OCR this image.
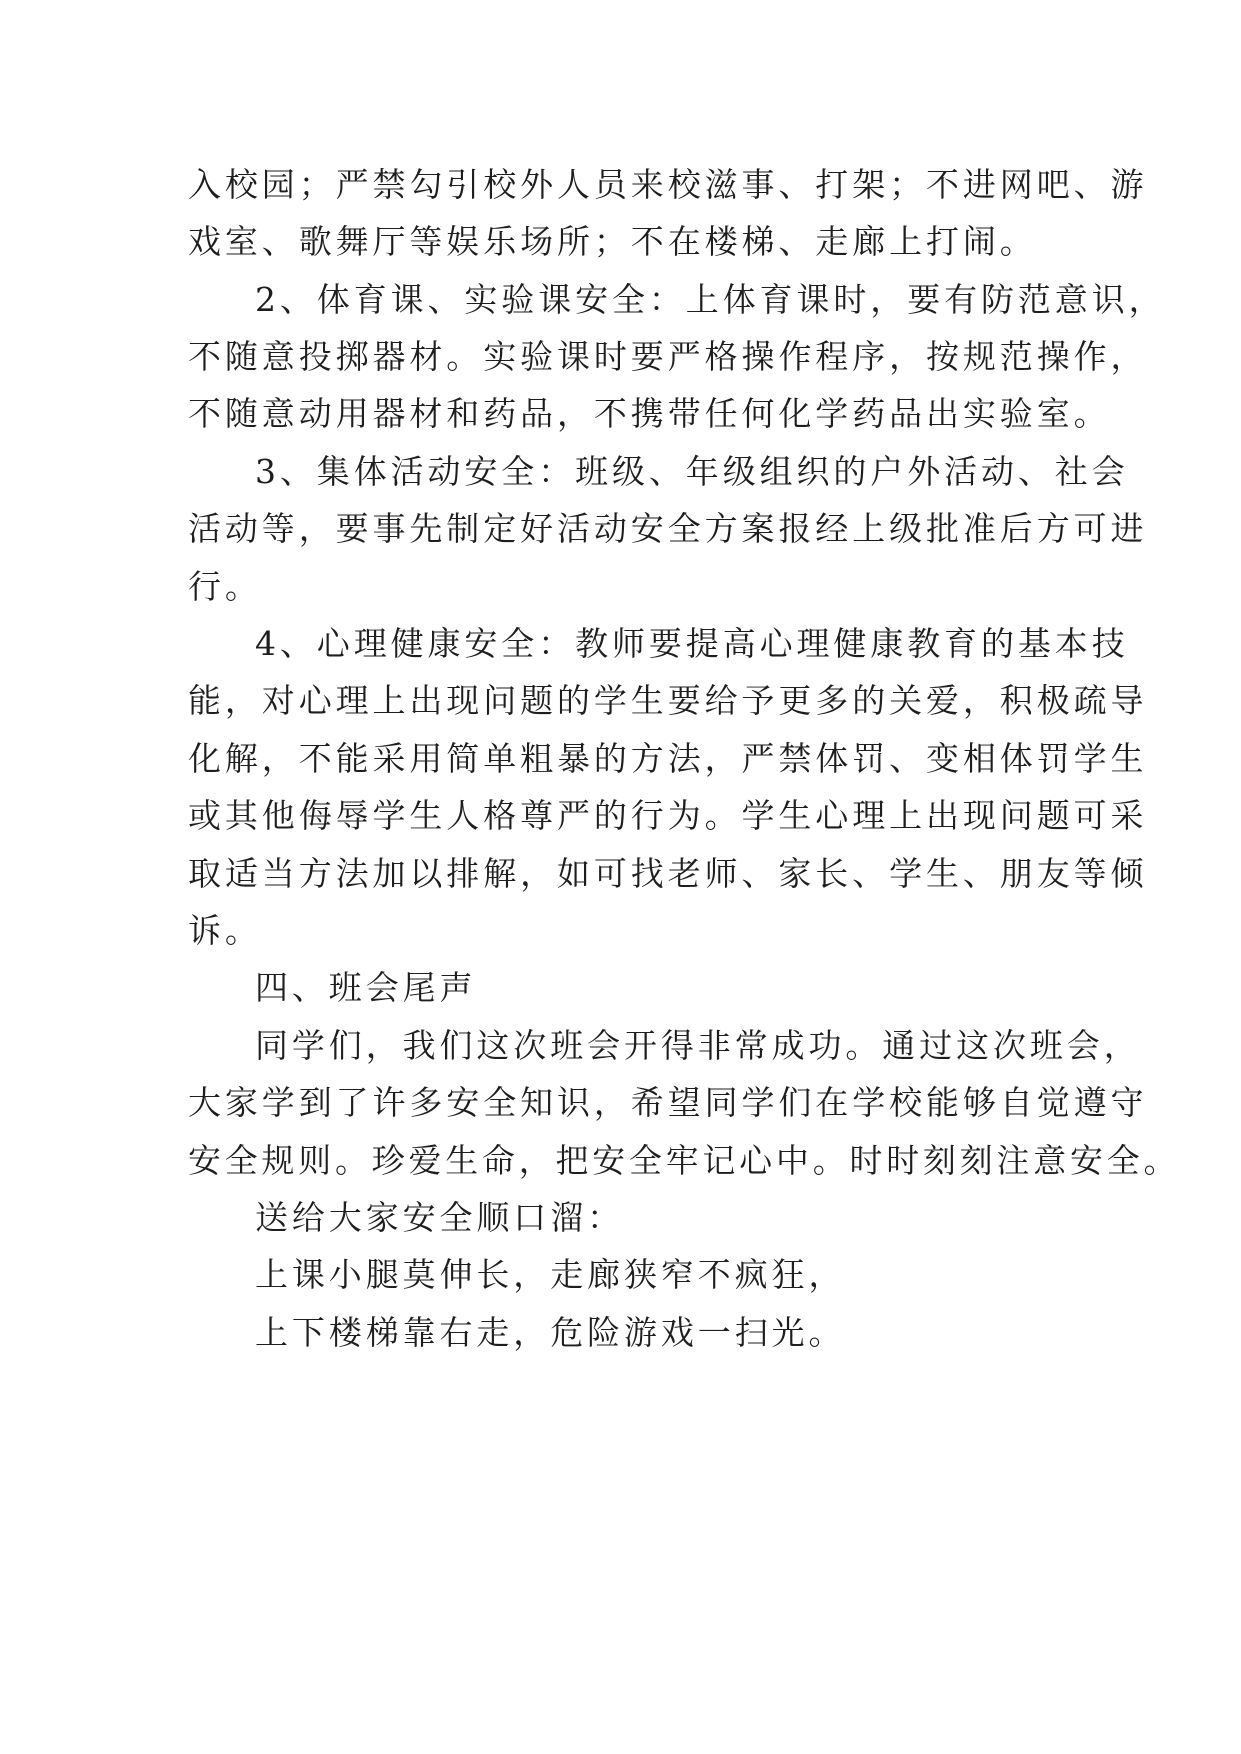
入校园；严禁勾引校外人员来校滋事、打架；不进网吧、游
戏室、歌舞厅等娱乐场所；不在楼梯、走廊上打闹。
2、体育课、实验课安全：上体育课时，要有防范意识，
不随意投掷器材。实验课时要严格操作程序，按规范操作，
不随意动用器材和药品，不携带任何化学药品出实验室。
3、集体活动安全：班级、年级组织的户外活动、社会
活动等，要事先制定好活动安全方案报经上级批准后方可进
行。
4、心理健康安全：教师要提高心理健康教育的基本技
能，对心理上出现问题的学生要给予更多的关爱，积极疏导
化解，不能采用简单粗暴的方法，严禁体罚、变相体罚学生
或其他侮辱学生人格尊严的行为。学生心理上出现问题可采
取适当方法加以排解，如可找老师、家长、学生、朋友等倾
诉。
四、班会尾声
同学们，我们这次班会开得非常成功。通过这次班会，
大家学到了许多安全知识，希望同学们在学校能够自觉遵守
安全规则。珍爱生命，把安全牢记心中。时时刻刻注意安全。
送给大家安全顺口溜：
上课小腿莫伸长，走廊狭窄不疯狂，
上下楼梯靠右走，危险游戏一扫光。
